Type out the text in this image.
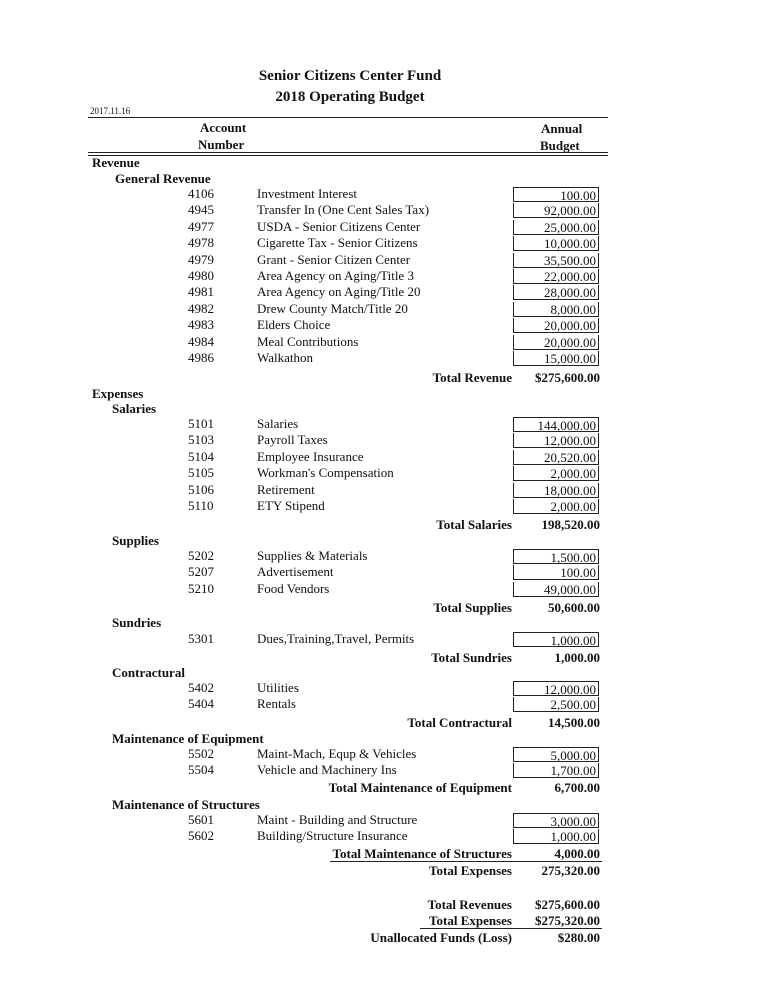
Senior Citizens Center Fund
2018 Operating Budget
2017.11.16
Account
Number
Annual
Budget
Revenue
General Revenue
4106	Investment Interest	100.00
4945	Transfer In (One Cent Sales Tax)	92,000.00
4977	USDA - Senior Citizens Center	25,000.00
4978	Cigarette Tax - Senior Citizens	10,000.00
4979	Grant - Senior Citizen Center	35,500.00
4980	Area Agency on Aging/Title 3	22,000.00
4981	Area Agency on Aging/Title 20	28,000.00
4982	Drew County Match/Title 20	8,000.00
4983	Elders Choice	20,000.00
4984	Meal Contributions	20,000.00
4986	Walkathon	15,000.00
Total Revenue	$275,600.00
Expenses
Salaries
5101	Salaries	144,000.00
5103	Payroll Taxes	12,000.00
5104	Employee Insurance	20,520.00
5105	Workman's Compensation	2,000.00
5106	Retirement	18,000.00
5110	ETY Stipend	2,000.00
Total Salaries	198,520.00
Supplies
5202	Supplies & Materials	1,500.00
5207	Advertisement	100.00
5210	Food Vendors	49,000.00
Total Supplies	50,600.00
Sundries
5301	Dues,Training,Travel, Permits	1,000.00
Total Sundries	1,000.00
Contractural
5402	Utilities	12,000.00
5404	Rentals	2,500.00
Total Contractural	14,500.00
Maintenance of Equipment
5502	Maint-Mach, Equp & Vehicles	5,000.00
5504	Vehicle and Machinery Ins	1,700.00
Total Maintenance of Equipment	6,700.00
Maintenance of Structures
5601	Maint - Building and Structure	3,000.00
5602	Building/Structure Insurance	1,000.00
Total Maintenance of Structures	4,000.00
Total Expenses	275,320.00
Total Revenues	$275,600.00
Total Expenses	$275,320.00
Unallocated Funds (Loss)	$280.00
